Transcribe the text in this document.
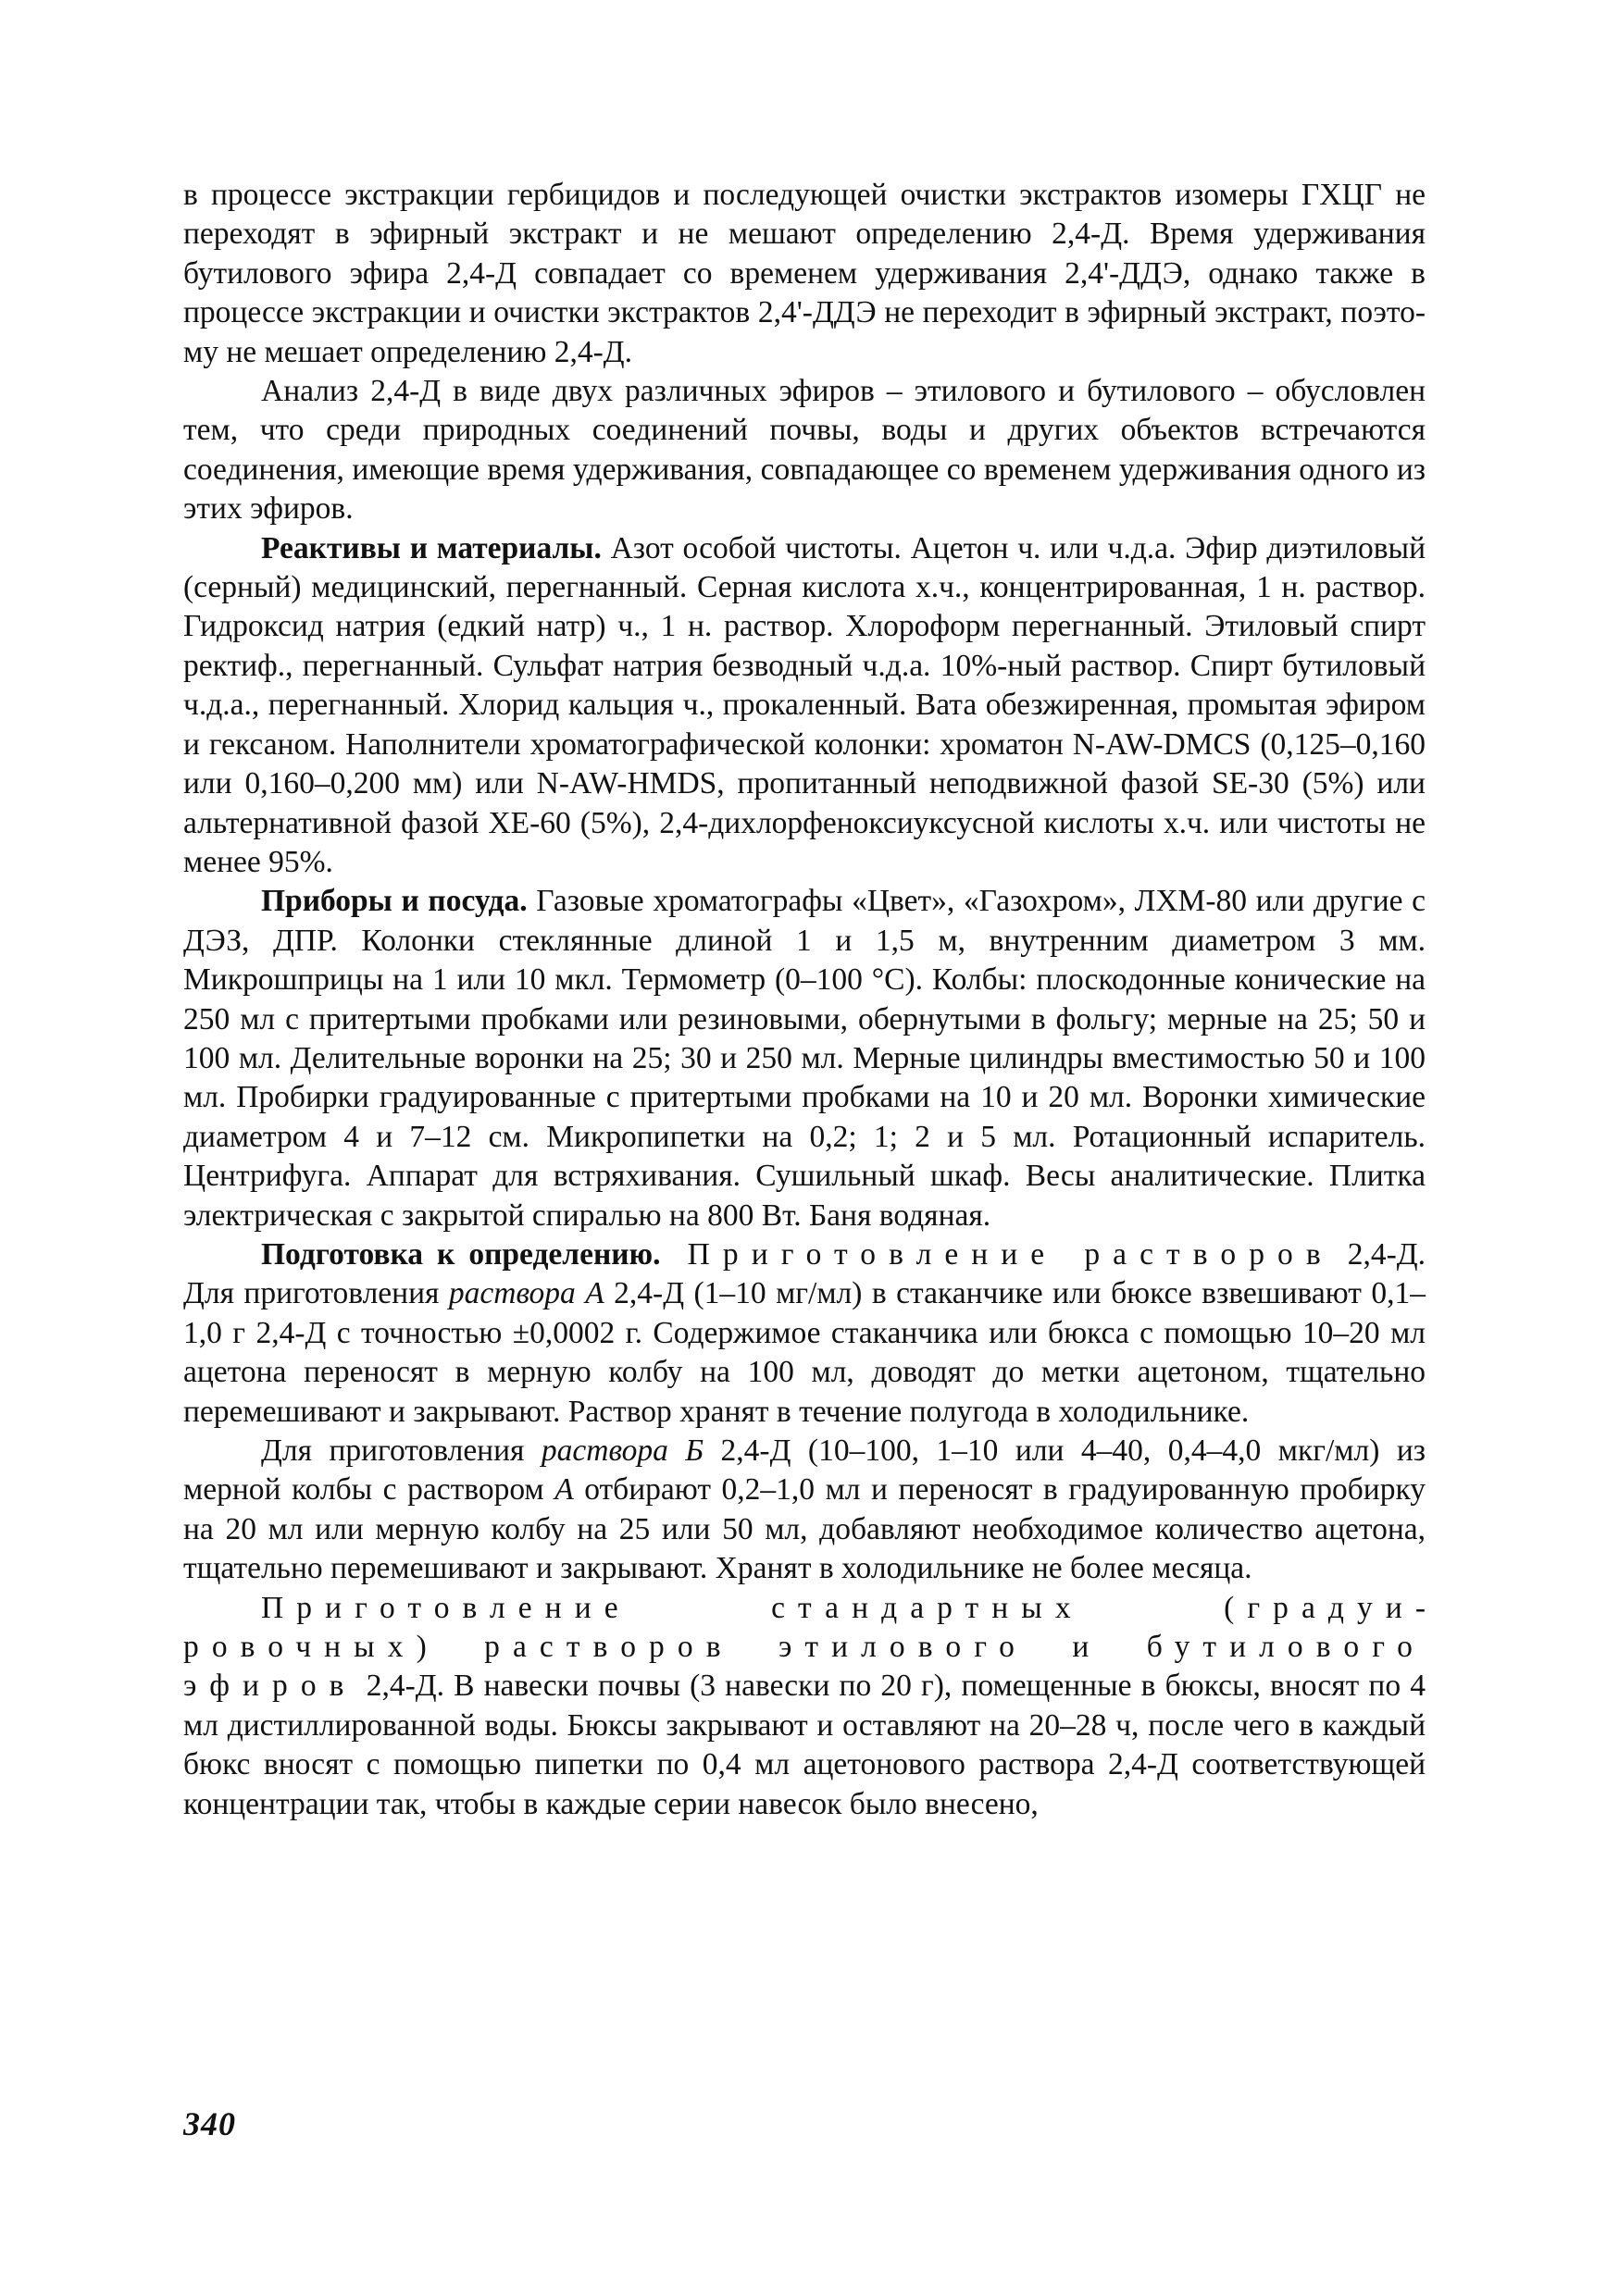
в процессе экстракции гербицидов и последующей очистки экстрактов изомеры ГХЦГ не переходят в эфирный экстракт и не мешают определению 2,4-Д. Время удерживания бутилового эфира 2,4-Д совпадает со временем удерживания 2,4'-ДДЭ, однако также в процессе экстракции и очистки экстрактов 2,4'-ДДЭ не переходит в эфирный экстракт, поэтому не мешает определению 2,4-Д.

Анализ 2,4-Д в виде двух различных эфиров – этилового и бутилового – обусловлен тем, что среди природных соединений почвы, воды и других объектов встречаются соединения, имеющие время удерживания, совпадающее со временем удерживания одного из этих эфиров.

Реактивы и материалы. Азот особой чистоты. Ацетон ч. или ч.д.а. Эфир диэтиловый (серный) медицинский, перегнанный. Серная кислота х.ч., концентрированная, 1 н. раствор. Гидроксид натрия (едкий натр) ч., 1 н. раствор. Хлороформ перегнанный. Этиловый спирт ректиф., перегнанный. Сульфат натрия безводный ч.д.а. 10%-ный раствор. Спирт бутиловый ч.д.а., перегнанный. Хлорид кальция ч., прокаленный. Вата обезжиренная, промытая эфиром и гексаном. Наполнители хроматографической колонки: хроматон N-AW-DMCS (0,125–0,160 или 0,160–0,200 мм) или N-AW-HMDS, пропитанный неподвижной фазой SE-30 (5%) или альтернативной фазой ХЕ-60 (5%), 2,4-дихлорфеноксиуксусной кислоты х.ч. или чистоты не менее 95%.

Приборы и посуда. Газовые хроматографы «Цвет», «Газохром», ЛХМ-80 или другие с ДЭЗ, ДПР. Колонки стеклянные длиной 1 и 1,5 м, внутренним диаметром 3 мм. Микрошприцы на 1 или 10 мкл. Термометр (0–100 °С). Колбы: плоскодонные конические на 250 мл с притертыми пробками или резиновыми, обернутыми в фольгу; мерные на 25; 50 и 100 мл. Делительные воронки на 25; 30 и 250 мл. Мерные цилиндры вместимостью 50 и 100 мл. Пробирки градуированные с притертыми пробками на 10 и 20 мл. Воронки химические диаметром 4 и 7–12 см. Микропипетки на 0,2; 1; 2 и 5 мл. Ротационный испаритель. Центрифуга. Аппарат для встряхивания. Сушильный шкаф. Весы аналитические. Плитка электрическая с закрытой спиралью на 800 Вт. Баня водяная.

Подготовка к определению. Приготовление растворов 2,4-Д. Для приготовления раствора А 2,4-Д (1–10 мг/мл) в стаканчике или бюксе взвешивают 0,1–1,0 г 2,4-Д с точностью ±0,0002 г. Содержимое стаканчика или бюкса с помощью 10–20 мл ацетона переносят в мерную колбу на 100 мл, доводят до метки ацетоном, тщательно перемешивают и закрывают. Раствор хранят в течение полугода в холодильнике.

Для приготовления раствора Б 2,4-Д (10–100, 1–10 или 4–40, 0,4–4,0 мкг/мл) из мерной колбы с раствором А отбирают 0,2–1,0 мл и переносят в градуированную пробирку на 20 мл или мерную колбу на 25 или 50 мл, добавляют необходимое количество ацетона, тщательно перемешивают и закрывают. Хранят в холодильнике не более месяца.

Приготовление стандартных (градуировочных) растворов этилового и бутилового эфиров 2,4-Д. В навески почвы (3 навески по 20 г), помещенные в бюксы, вносят по 4 мл дистиллированной воды. Бюксы закрывают и оставляют на 20–28 ч, после чего в каждый бюкс вносят с помощью пипетки по 0,4 мл ацетонового раствора 2,4-Д соответствующей концентрации так, чтобы в каждые серии навесок было внесено,

340
